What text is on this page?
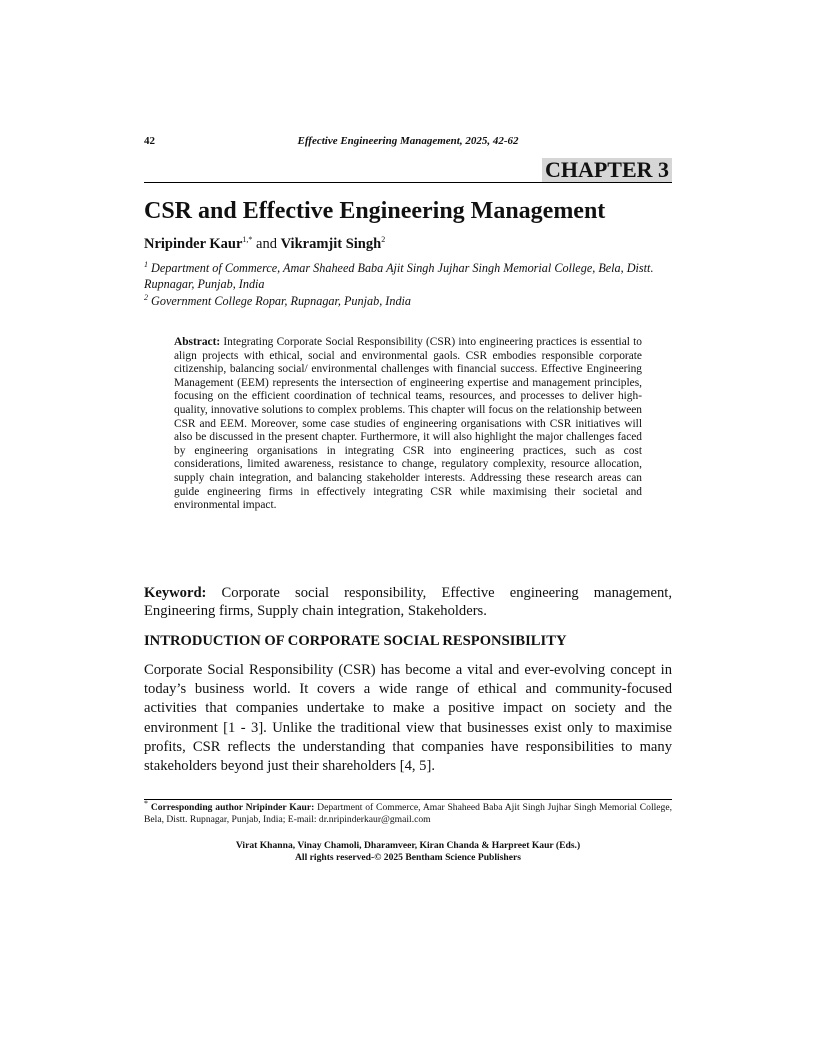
42	Effective Engineering Management, 2025, 42-62
CHAPTER 3
CSR and Effective Engineering Management
Nripinder Kaur$^{1,*}$ and Vikramjit Singh$^2$
$^1$ Department of Commerce, Amar Shaheed Baba Ajit Singh Jujhar Singh Memorial College, Bela, Distt. Rupnagar, Punjab, India
$^2$ Government College Ropar, Rupnagar, Punjab, India
Abstract: Integrating Corporate Social Responsibility (CSR) into engineering practices is essential to align projects with ethical, social and environmental gaols. CSR embodies responsible corporate citizenship, balancing social/ environmental challenges with financial success. Effective Engineering Management (EEM) represents the intersection of engineering expertise and management principles, focusing on the efficient coordination of technical teams, resources, and processes to deliver high-quality, innovative solutions to complex problems. This chapter will focus on the relationship between CSR and EEM. Moreover, some case studies of engineering organisations with CSR initiatives will also be discussed in the present chapter. Furthermore, it will also highlight the major challenges faced by engineering organisations in integrating CSR into engineering practices, such as cost considerations, limited awareness, resistance to change, regulatory complexity, resource allocation, supply chain integration, and balancing stakeholder interests. Addressing these research areas can guide engineering firms in effectively integrating CSR while maximising their societal and environmental impact.
Keyword: Corporate social responsibility, Effective engineering management, Engineering firms, Supply chain integration, Stakeholders.
INTRODUCTION OF CORPORATE SOCIAL RESPONSIBILITY

Corporate Social Responsibility (CSR) has become a vital and ever-evolving concept in today’s business world. It covers a wide range of ethical and community-focused activities that companies undertake to make a positive impact on society and the environment [1 - 3]. Unlike the traditional view that businesses exist only to maximise profits, CSR reflects the understanding that companies have responsibilities to many stakeholders beyond just their shareholders [4, 5].

* Corresponding author Nripinder Kaur: Department of Commerce, Amar Shaheed Baba Ajit Singh Jujhar Singh Memorial College, Bela, Distt. Rupnagar, Punjab, India; E-mail: dr.nripinderkaur@gmail.com
Virat Khanna, Vinay Chamoli, Dharamveer, Kiran Chanda & Harpreet Kaur (Eds.)
All rights reserved-© 2025 Bentham Science Publishers
